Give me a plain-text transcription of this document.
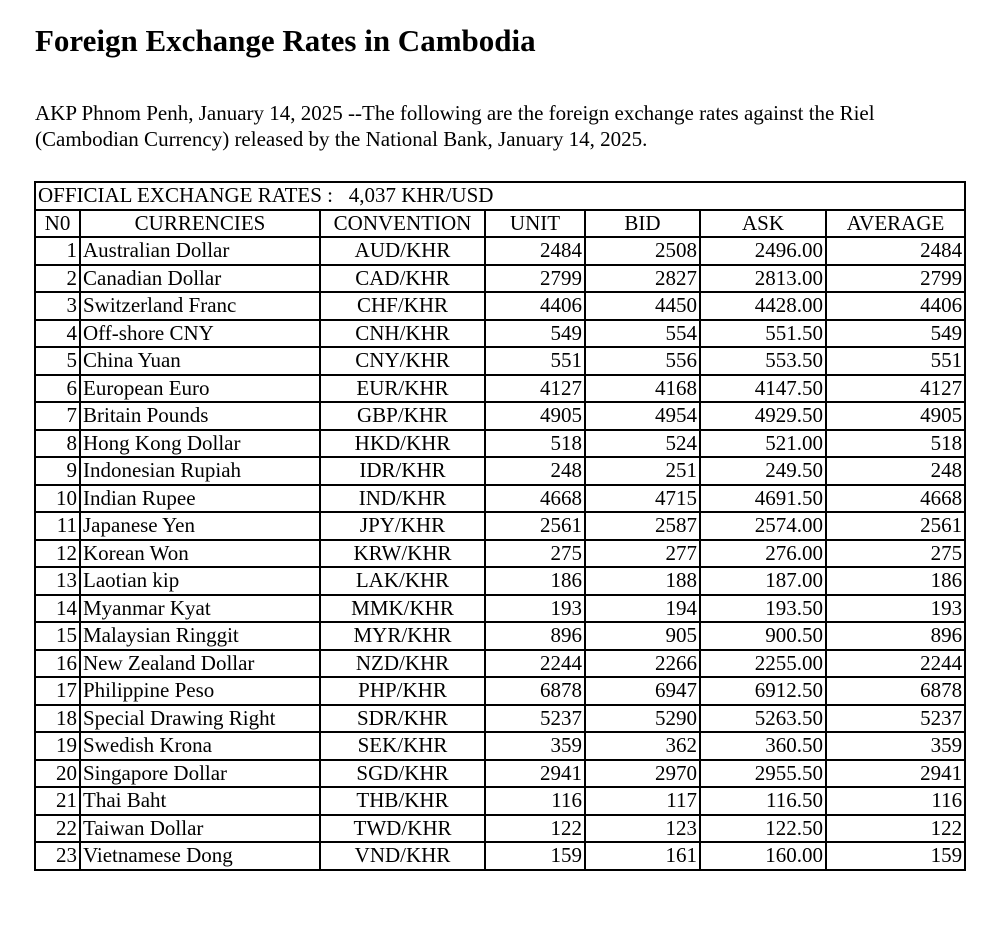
Foreign Exchange Rates in Cambodia

AKP Phnom Penh, January 14, 2025 --The following are the foreign exchange rates against the Riel (Cambodian Currency) released by the National Bank, January 14, 2025.

OFFICIAL EXCHANGE RATES : 4,037 KHR/USD						
N0	CURRENCIES	CONVENTION	UNIT	BID	ASK	AVERAGE
1	Australian Dollar	AUD/KHR	2484	2508	2496.00	2484
2	Canadian Dollar	CAD/KHR	2799	2827	2813.00	2799
3	Switzerland Franc	CHF/KHR	4406	4450	4428.00	4406
4	Off-shore CNY	CNH/KHR	549	554	551.50	549
5	China Yuan	CNY/KHR	551	556	553.50	551
6	European Euro	EUR/KHR	4127	4168	4147.50	4127
7	Britain Pounds	GBP/KHR	4905	4954	4929.50	4905
8	Hong Kong Dollar	HKD/KHR	518	524	521.00	518
9	Indonesian Rupiah	IDR/KHR	248	251	249.50	248
10	Indian Rupee	IND/KHR	4668	4715	4691.50	4668
11	Japanese Yen	JPY/KHR	2561	2587	2574.00	2561
12	Korean Won	KRW/KHR	275	277	276.00	275
13	Laotian kip	LAK/KHR	186	188	187.00	186
14	Myanmar Kyat	MMK/KHR	193	194	193.50	193
15	Malaysian Ringgit	MYR/KHR	896	905	900.50	896
16	New Zealand Dollar	NZD/KHR	2244	2266	2255.00	2244
17	Philippine Peso	PHP/KHR	6878	6947	6912.50	6878
18	Special Drawing Right	SDR/KHR	5237	5290	5263.50	5237
19	Swedish Krona	SEK/KHR	359	362	360.50	359
20	Singapore Dollar	SGD/KHR	2941	2970	2955.50	2941
21	Thai Baht	THB/KHR	116	117	116.50	116
22	Taiwan Dollar	TWD/KHR	122	123	122.50	122
23	Vietnamese Dong	VND/KHR	159	161	160.00	159
